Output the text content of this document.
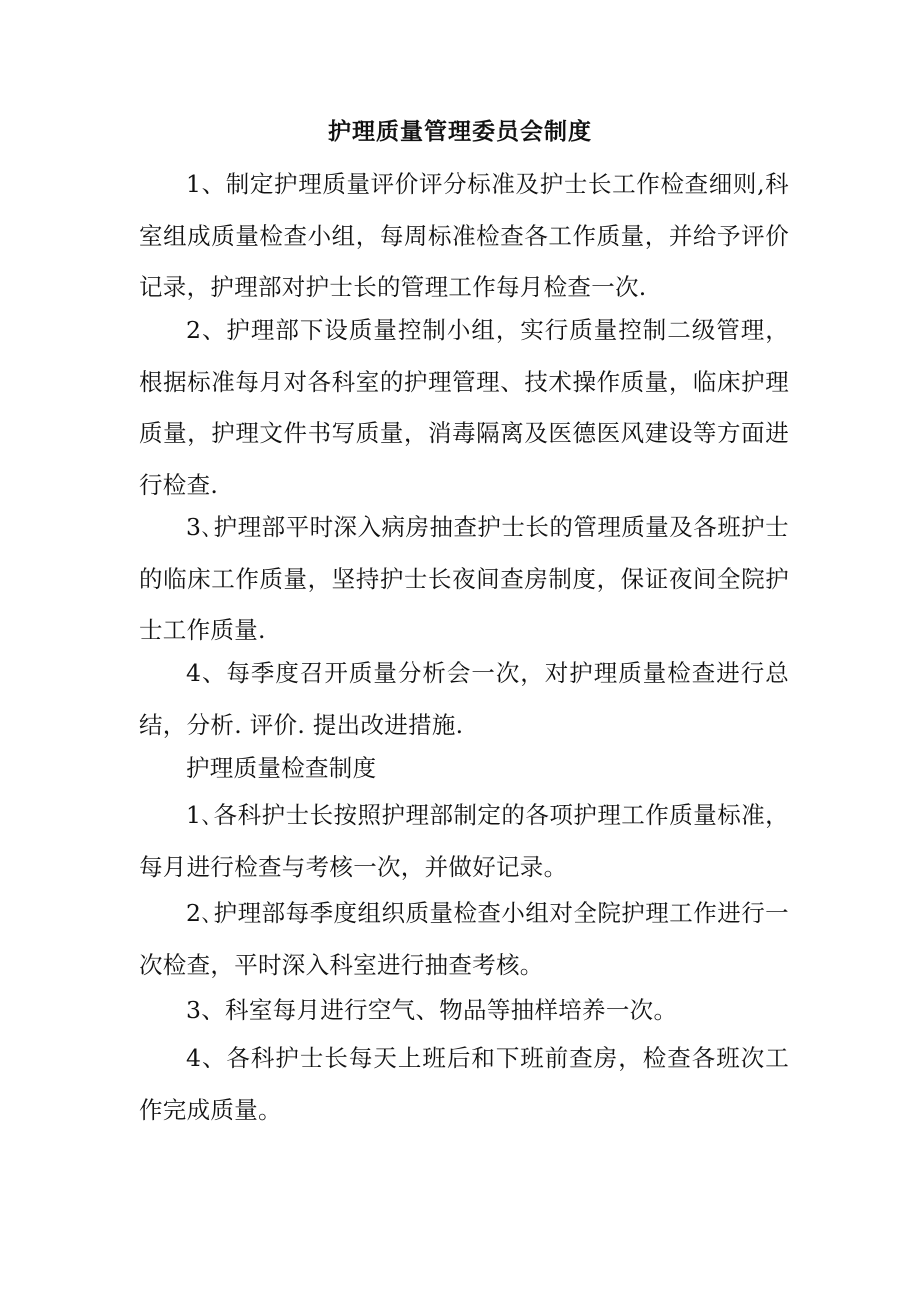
护理质量管理委员会制度

1、制定护理质量评价评分标准及护士长工作检查细则,科室组成质量检查小组，每周标准检查各工作质量，并给予评价记录，护理部对护士长的管理工作每月检查一次.

2、护理部下设质量控制小组，实行质量控制二级管理，根据标准每月对各科室的护理管理、技术操作质量，临床护理质量，护理文件书写质量，消毒隔离及医德医风建设等方面进行检查.

3､护理部平时深入病房抽查护士长的管理质量及各班护士的临床工作质量，坚持护士长夜间查房制度，保证夜间全院护士工作质量.

4、每季度召开质量分析会一次，对护理质量检查进行总结，分析. 评价. 提出改进措施.

护理质量检查制度

1､各科护士长按照护理部制定的各项护理工作质量标准，每月进行检查与考核一次，并做好记录。

2､护理部每季度组织质量检查小组对全院护理工作进行一次检查，平时深入科室进行抽查考核。

3、科室每月进行空气、物品等抽样培养一次。

4、各科护士长每天上班后和下班前查房，检查各班次工作完成质量。
